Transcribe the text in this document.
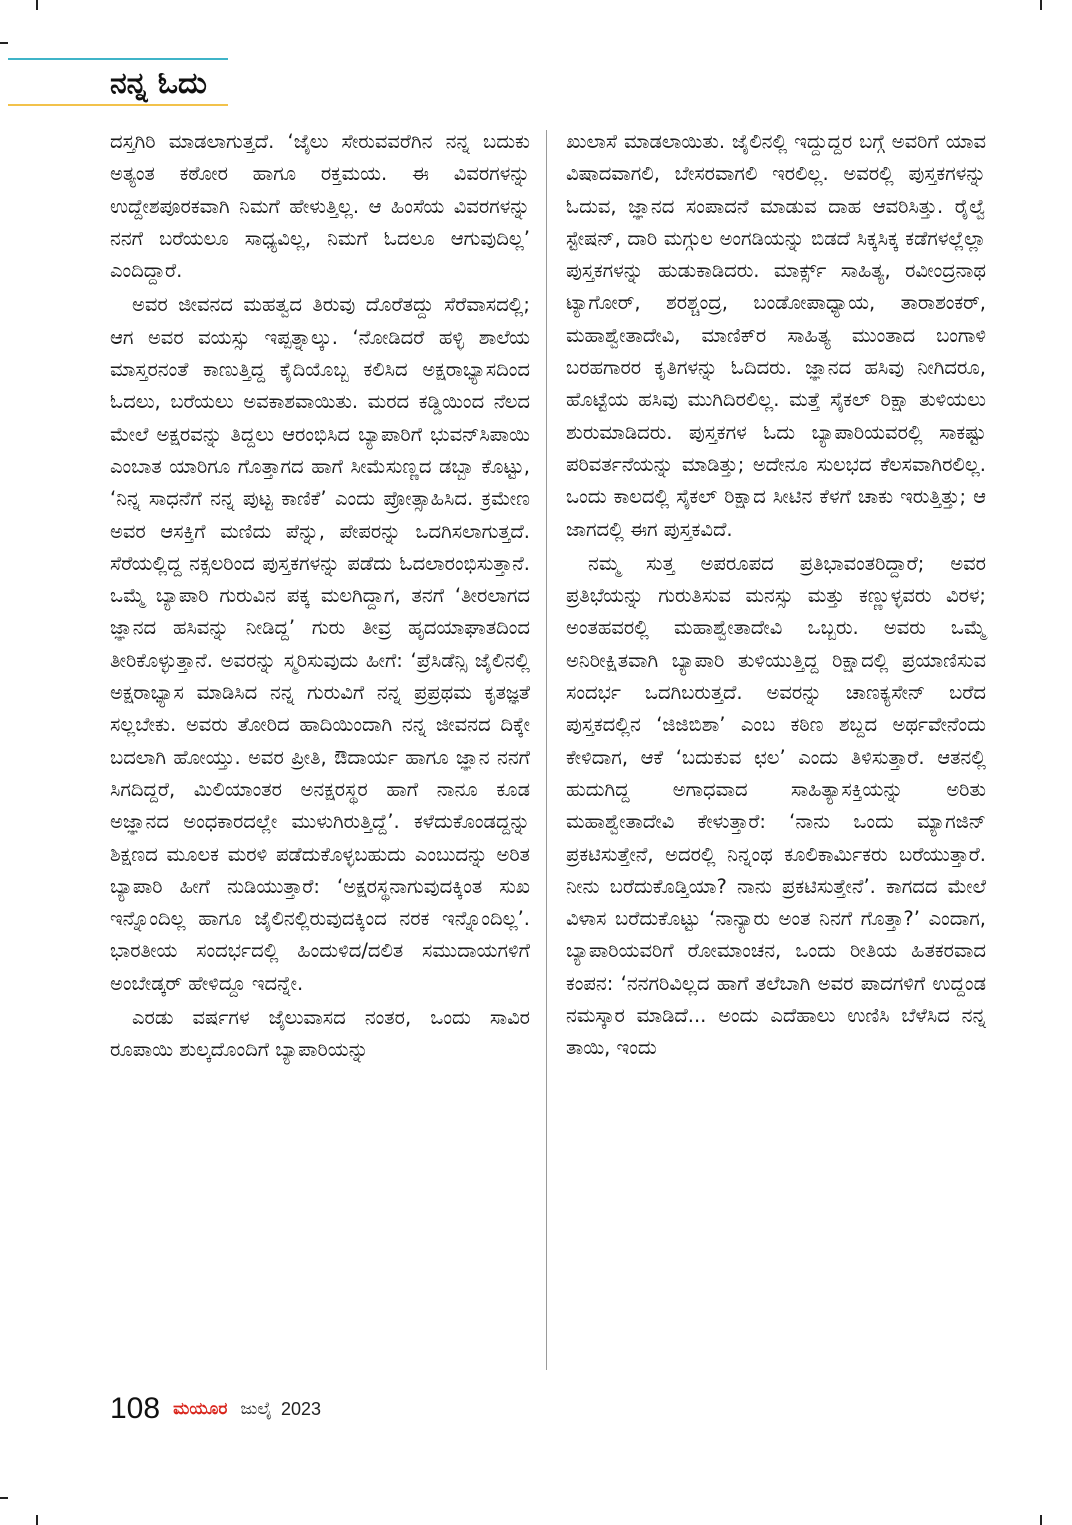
ನನ್ನ ಓದು

ದಸ್ತಗಿರಿ ಮಾಡಲಾಗುತ್ತದೆ. ‘ಜೈಲು ಸೇರುವವರೆಗಿನ ನನ್ನ ಬದುಕು ಅತ್ಯಂತ ಕಠೋರ ಹಾಗೂ ರಕ್ತಮಯ. ಈ ವಿವರಗಳನ್ನು ಉದ್ದೇಶಪೂರಕವಾಗಿ ನಿಮಗೆ ಹೇಳುತ್ತಿಲ್ಲ. ಆ ಹಿಂಸೆಯ ವಿವರಗಳನ್ನು ನನಗೆ ಬರೆಯಲೂ ಸಾಧ್ಯವಿಲ್ಲ, ನಿಮಗೆ ಓದಲೂ ಆಗುವುದಿಲ್ಲ’ ಎಂದಿದ್ದಾರೆ.

ಅವರ ಜೀವನದ ಮಹತ್ವದ ತಿರುವು ದೊರೆತದ್ದು ಸೆರೆವಾಸದಲ್ಲಿ; ಆಗ ಅವರ ವಯಸ್ಸು ಇಪ್ಪತ್ನಾಲ್ಕು. ‘ನೋಡಿದರೆ ಹಳ್ಳಿ ಶಾಲೆಯ ಮಾಸ್ತರನಂತೆ ಕಾಣುತ್ತಿದ್ದ ಕೈದಿಯೊಬ್ಬ ಕಲಿಸಿದ ಅಕ್ಷರಾಭ್ಯಾಸದಿಂದ ಓದಲು, ಬರೆಯಲು ಅವಕಾಶವಾಯಿತು. ಮರದ ಕಡ್ಡಿಯಿಂದ ನೆಲದ ಮೇಲೆ ಅಕ್ಷರವನ್ನು ತಿದ್ದಲು ಆರಂಭಿಸಿದ ಬ್ಯಾಪಾರಿಗೆ ಭುವನ್‌ಸಿಪಾಯಿ ಎಂಬಾತ ಯಾರಿಗೂ ಗೊತ್ತಾಗದ ಹಾಗೆ ಸೀಮೆಸುಣ್ಣದ ಡಬ್ಬಾ ಕೊಟ್ಟು, ‘ನಿನ್ನ ಸಾಧನೆಗೆ ನನ್ನ ಪುಟ್ಟ ಕಾಣಿಕೆ’ ಎಂದು ಪ್ರೋತ್ಸಾಹಿಸಿದ. ಕ್ರಮೇಣ ಅವರ ಆಸಕ್ತಿಗೆ ಮಣಿದು ಪೆನ್ನು, ಪೇಪರನ್ನು ಒದಗಿಸಲಾಗುತ್ತದೆ. ಸೆರೆಯಲ್ಲಿದ್ದ ನಕ್ಸಲರಿಂದ ಪುಸ್ತಕಗಳನ್ನು ಪಡೆದು ಓದಲಾರಂಭಿಸುತ್ತಾನೆ. ಒಮ್ಮೆ ಬ್ಯಾಪಾರಿ ಗುರುವಿನ ಪಕ್ಕ ಮಲಗಿದ್ದಾಗ, ತನಗೆ ‘ತೀರಲಾಗದ ಜ್ಞಾನದ ಹಸಿವನ್ನು ನೀಡಿದ್ದ’ ಗುರು ತೀವ್ರ ಹೃದಯಾಘಾತದಿಂದ ತೀರಿಕೊಳ್ಳುತ್ತಾನೆ. ಅವರನ್ನು ಸ್ಮರಿಸುವುದು ಹೀಗೆ: ‘ಪ್ರೆಸಿಡೆನ್ಸಿ ಜೈಲಿನಲ್ಲಿ ಅಕ್ಷರಾಭ್ಯಾಸ ಮಾಡಿಸಿದ ನನ್ನ ಗುರುವಿಗೆ ನನ್ನ ಪ್ರಪ್ರಥಮ ಕೃತಜ್ಞತೆ ಸಲ್ಲಬೇಕು. ಅವರು ತೋರಿದ ಹಾದಿಯಿಂದಾಗಿ ನನ್ನ ಜೀವನದ ದಿಕ್ಕೇ ಬದಲಾಗಿ ಹೋಯ್ತು. ಅವರ ಪ್ರೀತಿ, ಔದಾರ್ಯ ಹಾಗೂ ಜ್ಞಾನ ನನಗೆ ಸಿಗದಿದ್ದರೆ, ಮಿಲಿಯಾಂತರ ಅನಕ್ಷರಸ್ಥರ ಹಾಗೆ ನಾನೂ ಕೂಡ ಅಜ್ಞಾನದ ಅಂಧಕಾರದಲ್ಲೇ ಮುಳುಗಿರುತ್ತಿದ್ದೆ’. ಕಳೆದುಕೊಂಡದ್ದನ್ನು ಶಿಕ್ಷಣದ ಮೂಲಕ ಮರಳಿ ಪಡೆದುಕೊಳ್ಳಬಹುದು ಎಂಬುದನ್ನು ಅರಿತ ಬ್ಯಾಪಾರಿ ಹೀಗೆ ನುಡಿಯುತ್ತಾರೆ: ‘ಅಕ್ಷರಸ್ಥನಾಗುವುದಕ್ಕಿಂತ ಸುಖ ಇನ್ನೊಂದಿಲ್ಲ ಹಾಗೂ ಜೈಲಿನಲ್ಲಿರುವುದಕ್ಕಿಂದ ನರಕ ಇನ್ನೊಂದಿಲ್ಲ’. ಭಾರತೀಯ ಸಂದರ್ಭದಲ್ಲಿ ಹಿಂದುಳಿದ/ದಲಿತ ಸಮುದಾಯಗಳಿಗೆ ಅಂಬೇಡ್ಕರ್ ಹೇಳಿದ್ದೂ ಇದನ್ನೇ.

ಎರಡು ವರ್ಷಗಳ ಜೈಲುವಾಸದ ನಂತರ, ಒಂದು ಸಾವಿರ ರೂಪಾಯಿ ಶುಲ್ಕದೊಂದಿಗೆ ಬ್ಯಾಪಾರಿಯನ್ನು

ಖುಲಾಸೆ ಮಾಡಲಾಯಿತು. ಜೈಲಿನಲ್ಲಿ ಇದ್ದುದ್ದರ ಬಗ್ಗೆ ಅವರಿಗೆ ಯಾವ ವಿಷಾದವಾಗಲಿ, ಬೇಸರವಾಗಲಿ ಇರಲಿಲ್ಲ. ಅವರಲ್ಲಿ ಪುಸ್ತಕಗಳನ್ನು ಓದುವ, ಜ್ಞಾನದ ಸಂಪಾದನೆ ಮಾಡುವ ದಾಹ ಆವರಿಸಿತ್ತು. ರೈಲ್ವೆ ಸ್ಟೇಷನ್, ದಾರಿ ಮಗ್ಗುಲ ಅಂಗಡಿಯನ್ನು ಬಿಡದೆ ಸಿಕ್ಕಸಿಕ್ಕ ಕಡೆಗಳಲ್ಲೆಲ್ಲಾ ಪುಸ್ತಕಗಳನ್ನು ಹುಡುಕಾಡಿದರು. ಮಾರ್ಕ್ಸ್ ಸಾಹಿತ್ಯ, ರವೀಂದ್ರನಾಥ ಟ್ಯಾಗೋರ್, ಶರಶ್ಚಂದ್ರ, ಬಂಡೋಪಾಧ್ಯಾಯ, ತಾರಾಶಂಕರ್, ಮಹಾಶ್ವೇತಾದೇವಿ, ಮಾಣಿಕ್‌ರ ಸಾಹಿತ್ಯ ಮುಂತಾದ ಬಂಗಾಳಿ ಬರಹಗಾರರ ಕೃತಿಗಳನ್ನು ಓದಿದರು. ಜ್ಞಾನದ ಹಸಿವು ನೀಗಿದರೂ, ಹೊಟ್ಟೆಯ ಹಸಿವು ಮುಗಿದಿರಲಿಲ್ಲ. ಮತ್ತೆ ಸೈಕಲ್ ರಿಕ್ಷಾ ತುಳಿಯಲು ಶುರುಮಾಡಿದರು. ಪುಸ್ತಕಗಳ ಓದು ಬ್ಯಾಪಾರಿಯವರಲ್ಲಿ ಸಾಕಷ್ಟು ಪರಿವರ್ತನೆಯನ್ನು ಮಾಡಿತ್ತು; ಅದೇನೂ ಸುಲಭದ ಕೆಲಸವಾಗಿರಲಿಲ್ಲ. ಒಂದು ಕಾಲದಲ್ಲಿ ಸೈಕಲ್ ರಿಕ್ಷಾದ ಸೀಟಿನ ಕೆಳಗೆ ಚಾಕು ಇರುತ್ತಿತ್ತು; ಆ ಜಾಗದಲ್ಲಿ ಈಗ ಪುಸ್ತಕವಿದೆ.

ನಮ್ಮ ಸುತ್ತ ಅಪರೂಪದ ಪ್ರತಿಭಾವಂತರಿದ್ದಾರೆ; ಅವರ ಪ್ರತಿಭೆಯನ್ನು ಗುರುತಿಸುವ ಮನಸ್ಸು ಮತ್ತು ಕಣ್ಣುಳ್ಳವರು ವಿರಳ; ಅಂತಹವರಲ್ಲಿ ಮಹಾಶ್ವೇತಾದೇವಿ ಒಬ್ಬರು. ಅವರು ಒಮ್ಮೆ ಅನಿರೀಕ್ಷಿತವಾಗಿ ಬ್ಯಾಪಾರಿ ತುಳಿಯುತ್ತಿದ್ದ ರಿಕ್ಷಾದಲ್ಲಿ ಪ್ರಯಾಣಿಸುವ ಸಂದರ್ಭ ಒದಗಿಬರುತ್ತದೆ. ಅವರನ್ನು ಚಾಣಕ್ಯಸೇನ್ ಬರೆದ ಪುಸ್ತಕದಲ್ಲಿನ ‘ಜಿಜಿಬಿಶಾ’ ಎಂಬ ಕಠಿಣ ಶಬ್ದದ ಅರ್ಥವೇನೆಂದು ಕೇಳಿದಾಗ, ಆಕೆ ‘ಬದುಕುವ ಛಲ’ ಎಂದು ತಿಳಿಸುತ್ತಾರೆ. ಆತನಲ್ಲಿ ಹುದುಗಿದ್ದ ಅಗಾಧವಾದ ಸಾಹಿತ್ಯಾಸಕ್ತಿಯನ್ನು ಅರಿತು ಮಹಾಶ್ವೇತಾದೇವಿ ಕೇಳುತ್ತಾರೆ: ‘ನಾನು ಒಂದು ಮ್ಯಾಗಜಿನ್ ಪ್ರಕಟಿಸುತ್ತೇನೆ, ಅದರಲ್ಲಿ ನಿನ್ನಂಥ ಕೂಲಿಕಾರ್ಮಿಕರು ಬರೆಯುತ್ತಾರೆ. ನೀನು ಬರೆದುಕೊಡ್ತಿಯಾ? ನಾನು ಪ್ರಕಟಿಸುತ್ತೇನೆ’. ಕಾಗದದ ಮೇಲೆ ವಿಳಾಸ ಬರೆದುಕೊಟ್ಟು ‘ನಾನ್ಯಾರು ಅಂತ ನಿನಗೆ ಗೊತ್ತಾ?’ ಎಂದಾಗ, ಬ್ಯಾಪಾರಿಯವರಿಗೆ ರೋಮಾಂಚನ, ಒಂದು ರೀತಿಯ ಹಿತಕರವಾದ ಕಂಪನ: ‘ನನಗರಿವಿಲ್ಲದ ಹಾಗೆ ತಲೆಬಾಗಿ ಅವರ ಪಾದಗಳಿಗೆ ಉದ್ದಂಡ ನಮಸ್ಕಾರ ಮಾಡಿದೆ... ಅಂದು ಎದೆಹಾಲು ಉಣಿಸಿ ಬೆಳೆಸಿದ ನನ್ನ ತಾಯಿ, ಇಂದು

108 ಮಯೂರ ಜುಲೈ 2023
